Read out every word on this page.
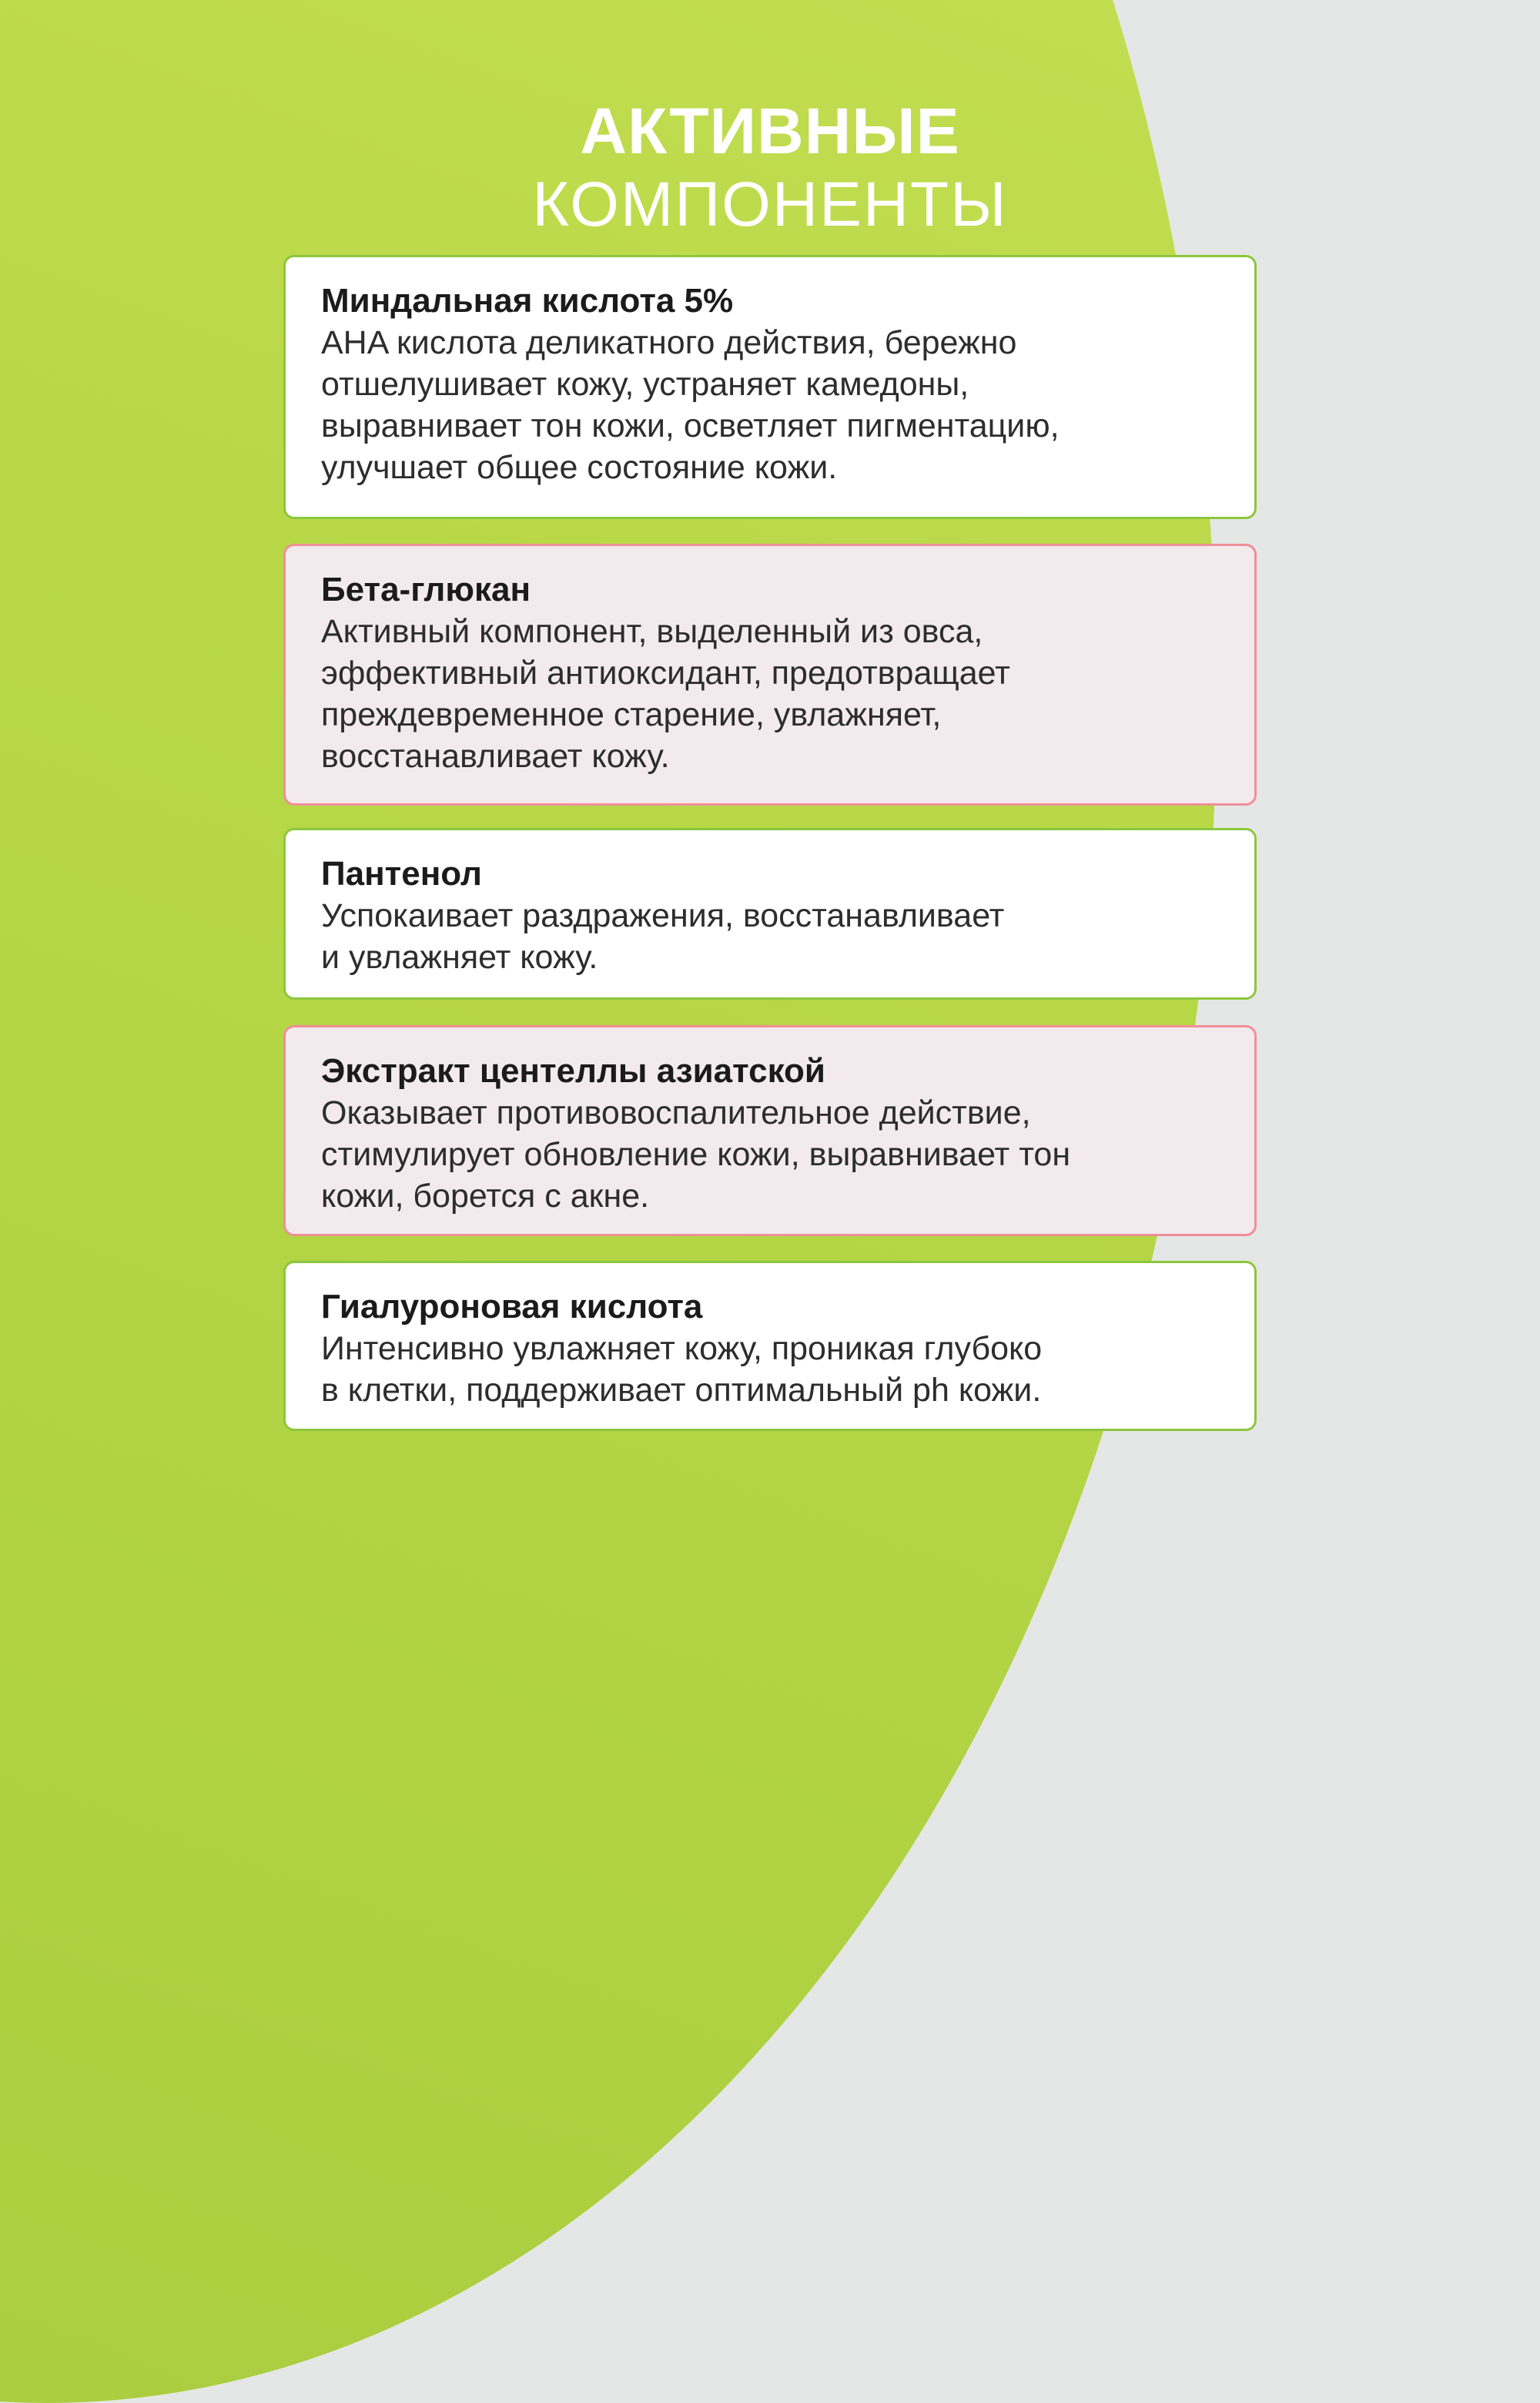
АКТИВНЫЕ
КОМПОНЕНТЫ

Миндальная кислота 5%

AHA кислота деликатного действия, бережно
отшелушивает кожу, устраняет камедоны,
выравнивает тон кожи, осветляет пигментацию,
улучшает общее состояние кожи.

Бета-глюкан

Активный компонент, выделенный из овса,
эффективный антиоксидант, предотвращает
преждевременное старение, увлажняет,
восстанавливает кожу.

Пантенол

Успокаивает раздражения, восстанавливает
и увлажняет кожу.

Экстракт центеллы азиатской

Оказывает противовоспалительное действие,
стимулирует обновление кожи, выравнивает тон
кожи, борется с акне.

Гиалуроновая кислота

Интенсивно увлажняет кожу, проникая глубоко
в клетки, поддерживает оптимальный ph кожи.
